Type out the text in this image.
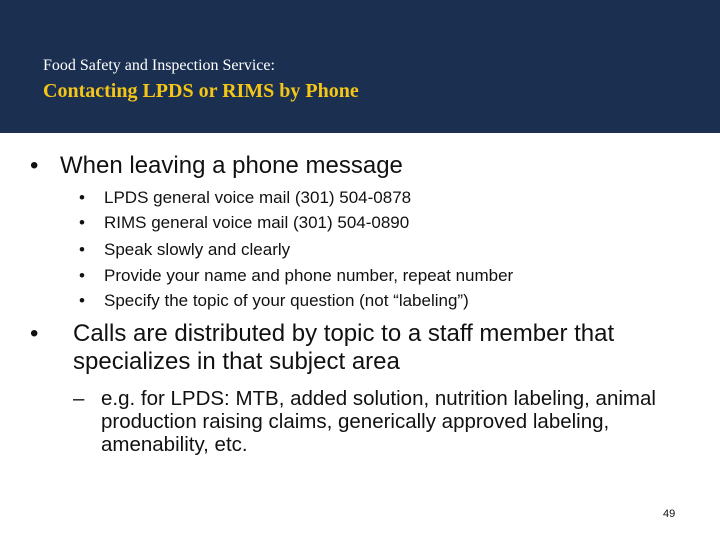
Food Safety and Inspection Service:
Contacting LPDS or RIMS by Phone
• When leaving a phone message
• LPDS general voice mail (301) 504-0878
• RIMS general voice mail (301) 504-0890
• Speak slowly and clearly
• Provide your name and phone number, repeat number
• Specify the topic of your question (not “labeling”)
• Calls are distributed by topic to a staff member that specializes in that subject area
– e.g. for LPDS: MTB, added solution, nutrition labeling, animal production raising claims, generically approved labeling, amenability, etc.
49
